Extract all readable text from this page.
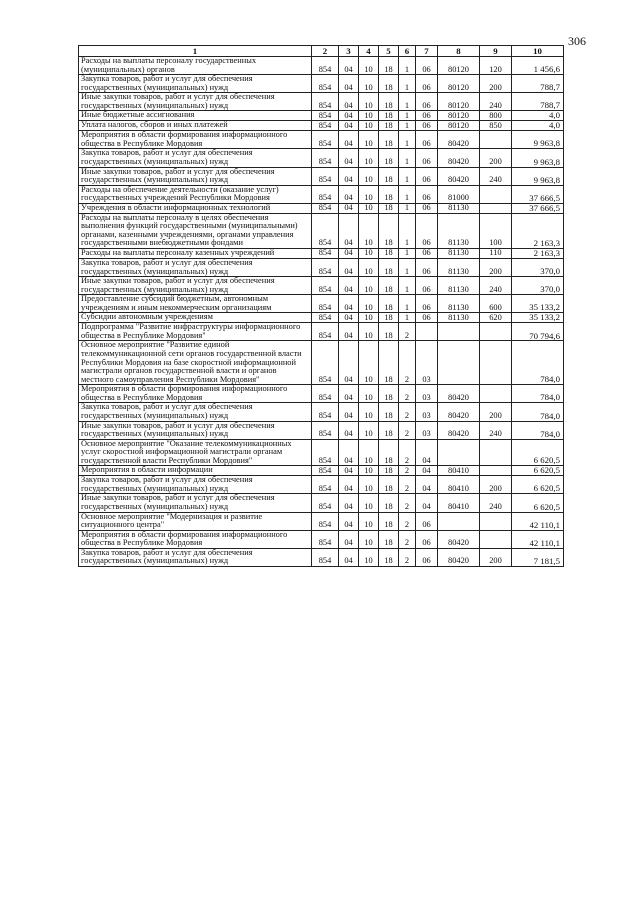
306
1	2	3	4	5	6	7	8	9	10
Расходы на выплаты персоналу государственных (муниципальных) органов	854	04	10	18	1	06	80120	120	1 456,6
Закупка товаров, работ и услуг для обеспечения государственных (муниципальных) нужд	854	04	10	18	1	06	80120	200	788,7
Иные закупки товаров, работ и услуг для обеспечения государственных (муниципальных) нужд	854	04	10	18	1	06	80120	240	788,7
Иные бюджетные ассигнования	854	04	10	18	1	06	80120	800	4,0
Уплата налогов, сборов и иных платежей	854	04	10	18	1	06	80120	850	4,0
Мероприятия в области формирования информационного общества в Республике Мордовия	854	04	10	18	1	06	80420		9 963,8
Закупка товаров, работ и услуг для обеспечения государственных (муниципальных) нужд	854	04	10	18	1	06	80420	200	9 963,8
Иные закупки товаров, работ и услуг для обеспечения государственных (муниципальных) нужд	854	04	10	18	1	06	80420	240	9 963,8
Расходы на обеспечение деятельности (оказание услуг) государственных учреждений Республики Мордовия	854	04	10	18	1	06	81000		37 666,5
Учреждения в области информационных технологий	854	04	10	18	1	06	81130		37 666,5
Расходы на выплаты персоналу в целях обеспечения выполнения функций государственными (муниципальными) органами, казенными учреждениями, органами управления государственными внебюджетными фондами	854	04	10	18	1	06	81130	100	2 163,3
Расходы на выплаты персоналу казенных учреждений	854	04	10	18	1	06	81130	110	2 163,3
Закупка товаров, работ и услуг для обеспечения государственных (муниципальных) нужд	854	04	10	18	1	06	81130	200	370,0
Иные закупки товаров, работ и услуг для обеспечения государственных (муниципальных) нужд	854	04	10	18	1	06	81130	240	370,0
Предоставление субсидий бюджетным, автономным учреждениям и иным некоммерческим организациям	854	04	10	18	1	06	81130	600	35 133,2
Субсидии автономным учреждениям	854	04	10	18	1	06	81130	620	35 133,2
Подпрограмма "Развитие инфраструктуры информационного общества в Республике Мордовия"	854	04	10	18	2				70 794,6
Основное мероприятие "Развитие единой телекоммуникационной сети органов государственной власти Республики Мордовия на базе скоростной информационной магистрали органов государственной власти и органов местного самоуправления Республики Мордовия"	854	04	10	18	2	03			784,0
Мероприятия в области формирования информационного общества в Республике Мордовия	854	04	10	18	2	03	80420		784,0
Закупка товаров, работ и услуг для обеспечения государственных (муниципальных) нужд	854	04	10	18	2	03	80420	200	784,0
Иные закупки товаров, работ и услуг для обеспечения государственных (муниципальных) нужд	854	04	10	18	2	03	80420	240	784,0
Основное мероприятие "Оказание телекоммуникационных услуг скоростной информационной магистрали органам государственной власти Республики Мордовия"	854	04	10	18	2	04			6 620,5
Мероприятия в области информации	854	04	10	18	2	04	80410		6 620,5
Закупка товаров, работ и услуг для обеспечения государственных (муниципальных) нужд	854	04	10	18	2	04	80410	200	6 620,5
Иные закупки товаров, работ и услуг для обеспечения государственных (муниципальных) нужд	854	04	10	18	2	04	80410	240	6 620,5
Основное мероприятие "Модернизация и развитие ситуационного центра"	854	04	10	18	2	06			42 110,1
Мероприятия в области формирования информационного общества в Республике Мордовия	854	04	10	18	2	06	80420		42 110,1
Закупка товаров, работ и услуг для обеспечения государственных (муниципальных) нужд	854	04	10	18	2	06	80420	200	7 181,5
